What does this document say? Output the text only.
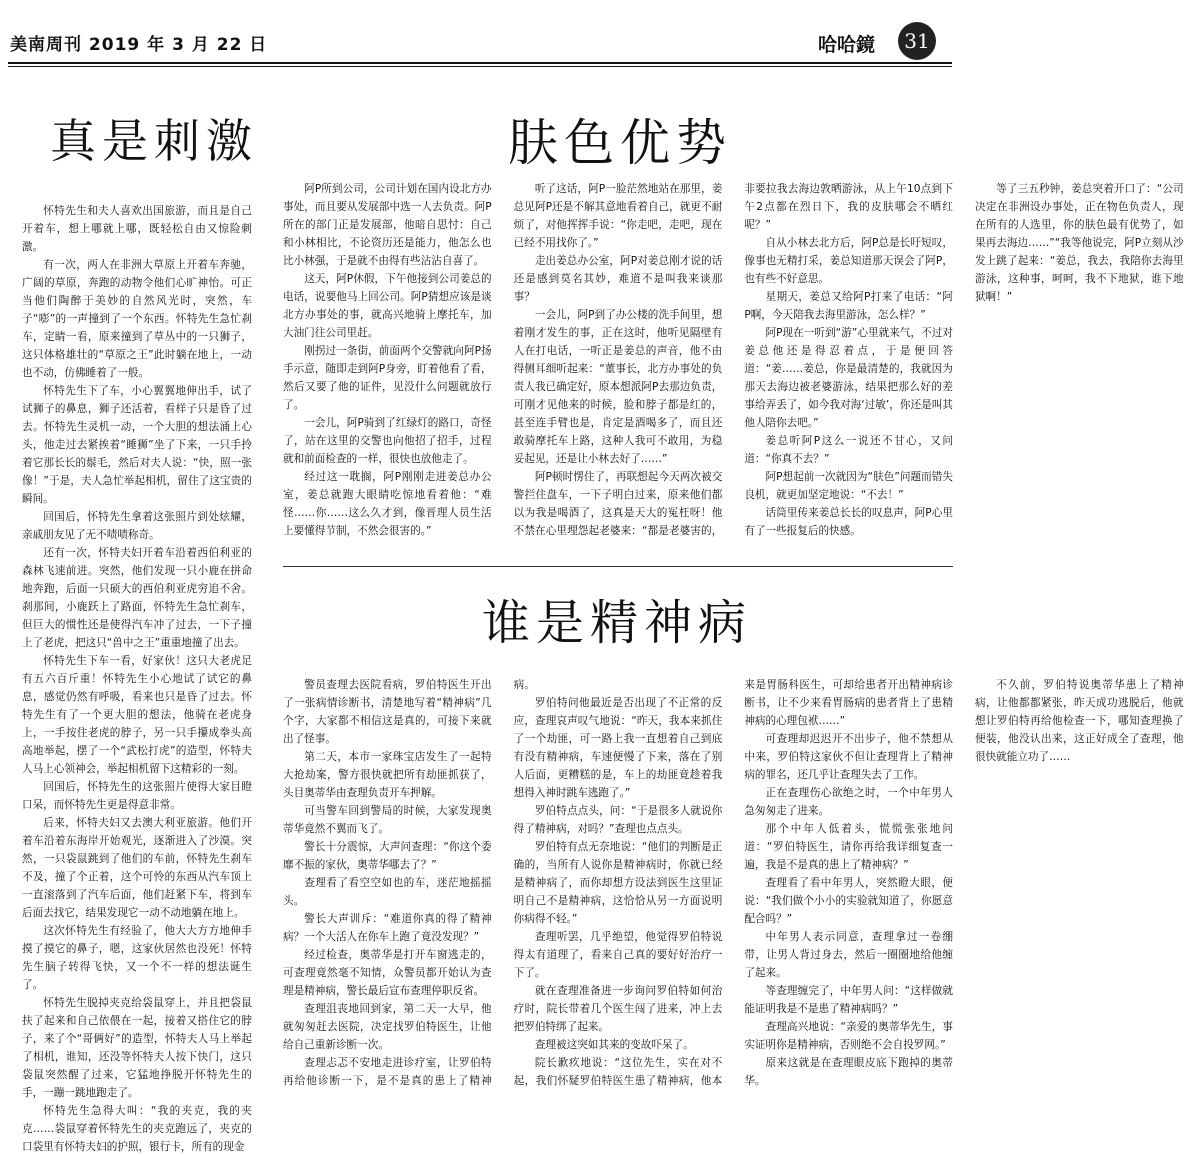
美南周刊 2019 年 3 月 22 日	哈哈鏡	31
真是刺激

怀特先生和夫人喜欢出国旅游，而且是自己开着车，想上哪就上哪，既轻松自由又惊险刺激。

有一次，两人在非洲大草原上开着车奔驰，广阔的草原，奔跑的动物令他们心旷神怡。可正当他们陶醉于美妙的自然风光时，突然，车子“嘭”的一声撞到了一个东西。怀特先生急忙刹车，定睛一看，原来撞到了草丛中的一只狮子，这只体格雄壮的“草原之王”此时躺在地上，一动也不动，仿佛睡着了一般。

怀特先生下了车，小心翼翼地伸出手，试了试狮子的鼻息，狮子还活着，看样子只是昏了过去。怀特先生灵机一动，一个大胆的想法涌上心头，他走过去紧挨着“睡狮”坐了下来，一只手拎着它那长长的鬃毛，然后对夫人说：“快，照一张像！”于是，夫人急忙举起相机，留住了这宝贵的瞬间。

回国后，怀特先生拿着这张照片到处炫耀，亲戚朋友见了无不啧啧称奇。

还有一次，怀特夫妇开着车沿着西伯利亚的森林飞速前进。突然，他们发现一只小鹿在拼命地奔跑，后面一只硕大的西伯利亚虎穷追不舍。刹那间，小鹿跃上了路面，怀特先生急忙刹车，但巨大的惯性还是使得汽车冲了过去，一下子撞上了老虎，把这只“兽中之王”重重地撞了出去。

怀特先生下车一看，好家伙！这只大老虎足有五六百斤重！怀特先生小心地试了试它的鼻息，感觉仍然有呼吸，看来也只是昏了过去。怀特先生有了一个更大胆的想法，他骑在老虎身上，一手按住老虎的脖子，另一只手攥成拳头高高地举起，摆了一个“武松打虎”的造型，怀特夫人马上心领神会，举起相机留下这精彩的一刻。

回国后，怀特先生的这张照片使得大家目瞪口呆，而怀特先生更是得意非常。

后来，怀特夫妇又去澳大利亚旅游。他们开着车沿着东海岸开始观光，逐渐进入了沙漠。突然，一只袋鼠跳到了他们的车前，怀特先生刹车不及，撞了个正着，这个可怜的东西从汽车顶上一直滚落到了汽车后面，他们赶紧下车，将到车后面去找它，结果发现它一动不动地躺在地上。

这次怀特先生有经验了，他大大方方地伸手摸了摸它的鼻子，嗯，这家伙居然也没死！怀特先生脑子转得飞快，又一个不一样的想法诞生了。

怀特先生脱掉夹克给袋鼠穿上，并且把袋鼠扶了起来和自己依偎在一起，接着又搭住它的脖子，来了个“哥俩好”的造型，怀特夫人马上举起了相机，谁知，还没等怀特夫人按下快门，这只袋鼠突然醒了过来，它猛地挣脱开怀特先生的手，一蹦一跳地跑走了。

怀特先生急得大叫：“我的夹克，我的夹克……袋鼠穿着怀特先生的夹克跑远了，夹克的口袋里有怀特夫妇的护照，银行卡，所有的现金

肤色优势

阿P所到公司，公司计划在国内设北方办事处，而且要从发展部中选一人去负责。阿P所在的部门正是发展部，他暗自思忖：自己和小林相比，不论资历还是能力，他怎么也比小林强，于是就不由得有些沾沾自喜了。

这天，阿P休假，下午他接到公司姜总的电话，说要他马上回公司。阿P猜想应该是谈北方办事处的事，就高兴地骑上摩托车，加大油门往公司里赶。

刚拐过一条街，前面两个交警就向阿P扬手示意，随即走到阿P身旁，盯着他看了看，然后又要了他的证件，见没什么问题就放行了。

一会儿，阿P骑到了红绿灯的路口，奇怪了，站在这里的交警也向他招了招手，过程就和前面检查的一样，很快也放他走了。

经过这一耽搁，阿P刚刚走进姜总办公室，姜总就跑大眼睛吃惊地看着他：“难怪……你……这么久才到，像晋理人员生活上要懂得节制，不然会很害的。”

听了这话，阿P一脸茫然地站在那里，姜总见阿P还是不解其意地看着自己，就更不耐烦了，对他挥挥手说：“你走吧，走吧，现在已经不用找你了。”

走出姜总办公室，阿P对姜总刚才说的话还是感到莫名其妙，难道不是叫我来谈那事？

一会儿，阿P到了办公楼的洗手间里，想着刚才发生的事，正在这时，他听见隔壁有人在打电话，一听正是姜总的声音，他不由得侧耳细听起来：“董事长，北方办事处的负责人我已确定好，原本想派阿P去那边负责，可刚才见他来的时候，脸和脖子都是红的，甚至连手臂也是，肯定是酒喝多了，而且还敢骑摩托车上路，这种人我可不敢用，为稳妥起见，还是让小林去好了……”

阿P顿时愣住了，再联想起今天两次被交警拦住盘车，一下子明白过来，原来他们都以为我是喝酒了，这真是天大的冤枉呀！他不禁在心里埋怨起老婆来：“都是老婆害的，非要拉我去海边敦晒游泳，从上午10点到下午2点都在烈日下，我的皮肤哪会不晒红呢？”

自从小林去北方后，阿P总是长吁短叹，像事也无精打采，姜总知道那天误会了阿P，也有些不好意思。

星期天，姜总又给阿P打来了电话：“阿P啊，今天陪我去海里游泳，怎么样？”

阿P现在一听到“游”心里就来气，不过对姜总他还是得忍着点，于是便回答道：“姜……姜总，你是最清楚的，我就因为那天去海边被老婆游泳，结果把那么好的差事给弄丢了，如今我对海‘过敏’，你还是叫其他人陪你去吧。”

姜总听阿P这么一说还不甘心，又问道：“你真不去？”

阿P想起前一次就因为“肤色”问题而错失良机，就更加坚定地说：“不去！”

话筒里传来姜总长长的叹息声，阿P心里有了一些报复后的快感。

等了三五秒钟，姜总突着开口了：“公司决定在非洲设办事处，正在物色负责人，现在所有的人选里，你的肤色最有优势了，如果再去海边……”“我等他说完，阿P立刻从沙发上跳了起来：“姜总，我去，我陪你去海里游泳，这种事，呵呵，我不下地狱，谁下地狱啊！”

谁是精神病

警员查理去医院看病，罗伯特医生开出了一张病情诊断书，清楚地写着“精神病”几个字，大家都不相信这是真的，可接下来就出了怪事。

第二天，本市一家珠宝店发生了一起特大抢劫案，警方很快就把所有劫匪抓获了，头目奥蒂华由查理负责开车押解。

可当警车回到警局的时候，大家发现奥蒂华竟然不翼而飞了。

警长十分震惊，大声问查理：“你这个委靡不振的家伙，奥蒂华哪去了？”

查理看了看空空如也的车，迷茫地摇摇头。

警长大声训斥：“难道你真的得了精神病？一个大活人在你车上跑了竟没发现？”

经过检查，奥蒂华是打开车窗逃走的，可查理竟然毫不知情，众警员都开始认为查理是精神病，警长最后宣布查理停职反省。

查理沮丧地回到家，第二天一大早，他就匆匆赶去医院，决定找罗伯特医生，让他给自己重新诊断一次。

查理忐忑不安地走进诊疗室，让罗伯特再给他诊断一下，是不是真的患上了精神病。

罗伯特问他最近是否出现了不正常的反应，查理哀声叹气地说：“昨天，我本来抓住了一个劫匪，可一路上我一直想着自己到底有没有精神病，车速便慢了下来，落在了别人后面，更糟糕的是，车上的劫匪竟趁着我想得入神时跳车逃跑了。”

罗伯特点点头，问：“于是很多人就说你得了精神病，对吗？”查理也点点头。

罗伯特有点无奈地说：“他们的判断是正确的，当所有人说你是精神病时，你就已经是精神病了，而你却想方设法到医生这里证明自己不是精神病，这恰恰从另一方面说明你病得不轻。”

查理听罢，几乎绝望，他觉得罗伯特说得太有道理了，看来自己真的要好好治疗一下了。

就在查理准备进一步询问罗伯特如何治疗时，院长带着几个医生闯了进来，冲上去把罗伯特绑了起来。

查理被这突如其来的变故吓呆了。

院长歉疚地说：“这位先生，实在对不起，我们怀疑罗伯特医生患了精神病，他本来是胃肠科医生，可却给患者开出精神病诊断书，让不少来看胃肠病的患者背上了患精神病的心理包袱……”

可查理却迟迟开不出步子，他不禁想从中来，罗伯特这家伙不但让查理背上了精神病的罪名，还几乎让查理失去了工作。

正在查理伤心欲绝之时，一个中年男人急匆匆走了进来。

那个中年人低着头，慌慌张张地问道：“罗伯特医生，请你再给我详细复查一遍，我是不是真的患上了精神病？”

查理看了看中年男人，突然瞪大眼，便说：“我们做个小小的实验就知道了，你愿意配合吗？”

中年男人表示同意，查理拿过一卷绷带，让男人背过身去，然后一圈圈地给他缠了起来。

等查理缠完了，中年男人问：“这样做就能证明我是不是患了精神病吗？”

查理高兴地说：“亲爱的奥蒂华先生，事实证明你是精神病，否则绝不会自投罗网。”

原来这就是在查理眼皮底下跑掉的奥蒂华。

不久前，罗伯特说奥蒂华患上了精神病，让他都都紧张，昨天成功逃脱后，他就想让罗伯特再给他检查一下，哪知查理换了便装，他没认出来，这正好成全了查理，他很快就能立功了……
